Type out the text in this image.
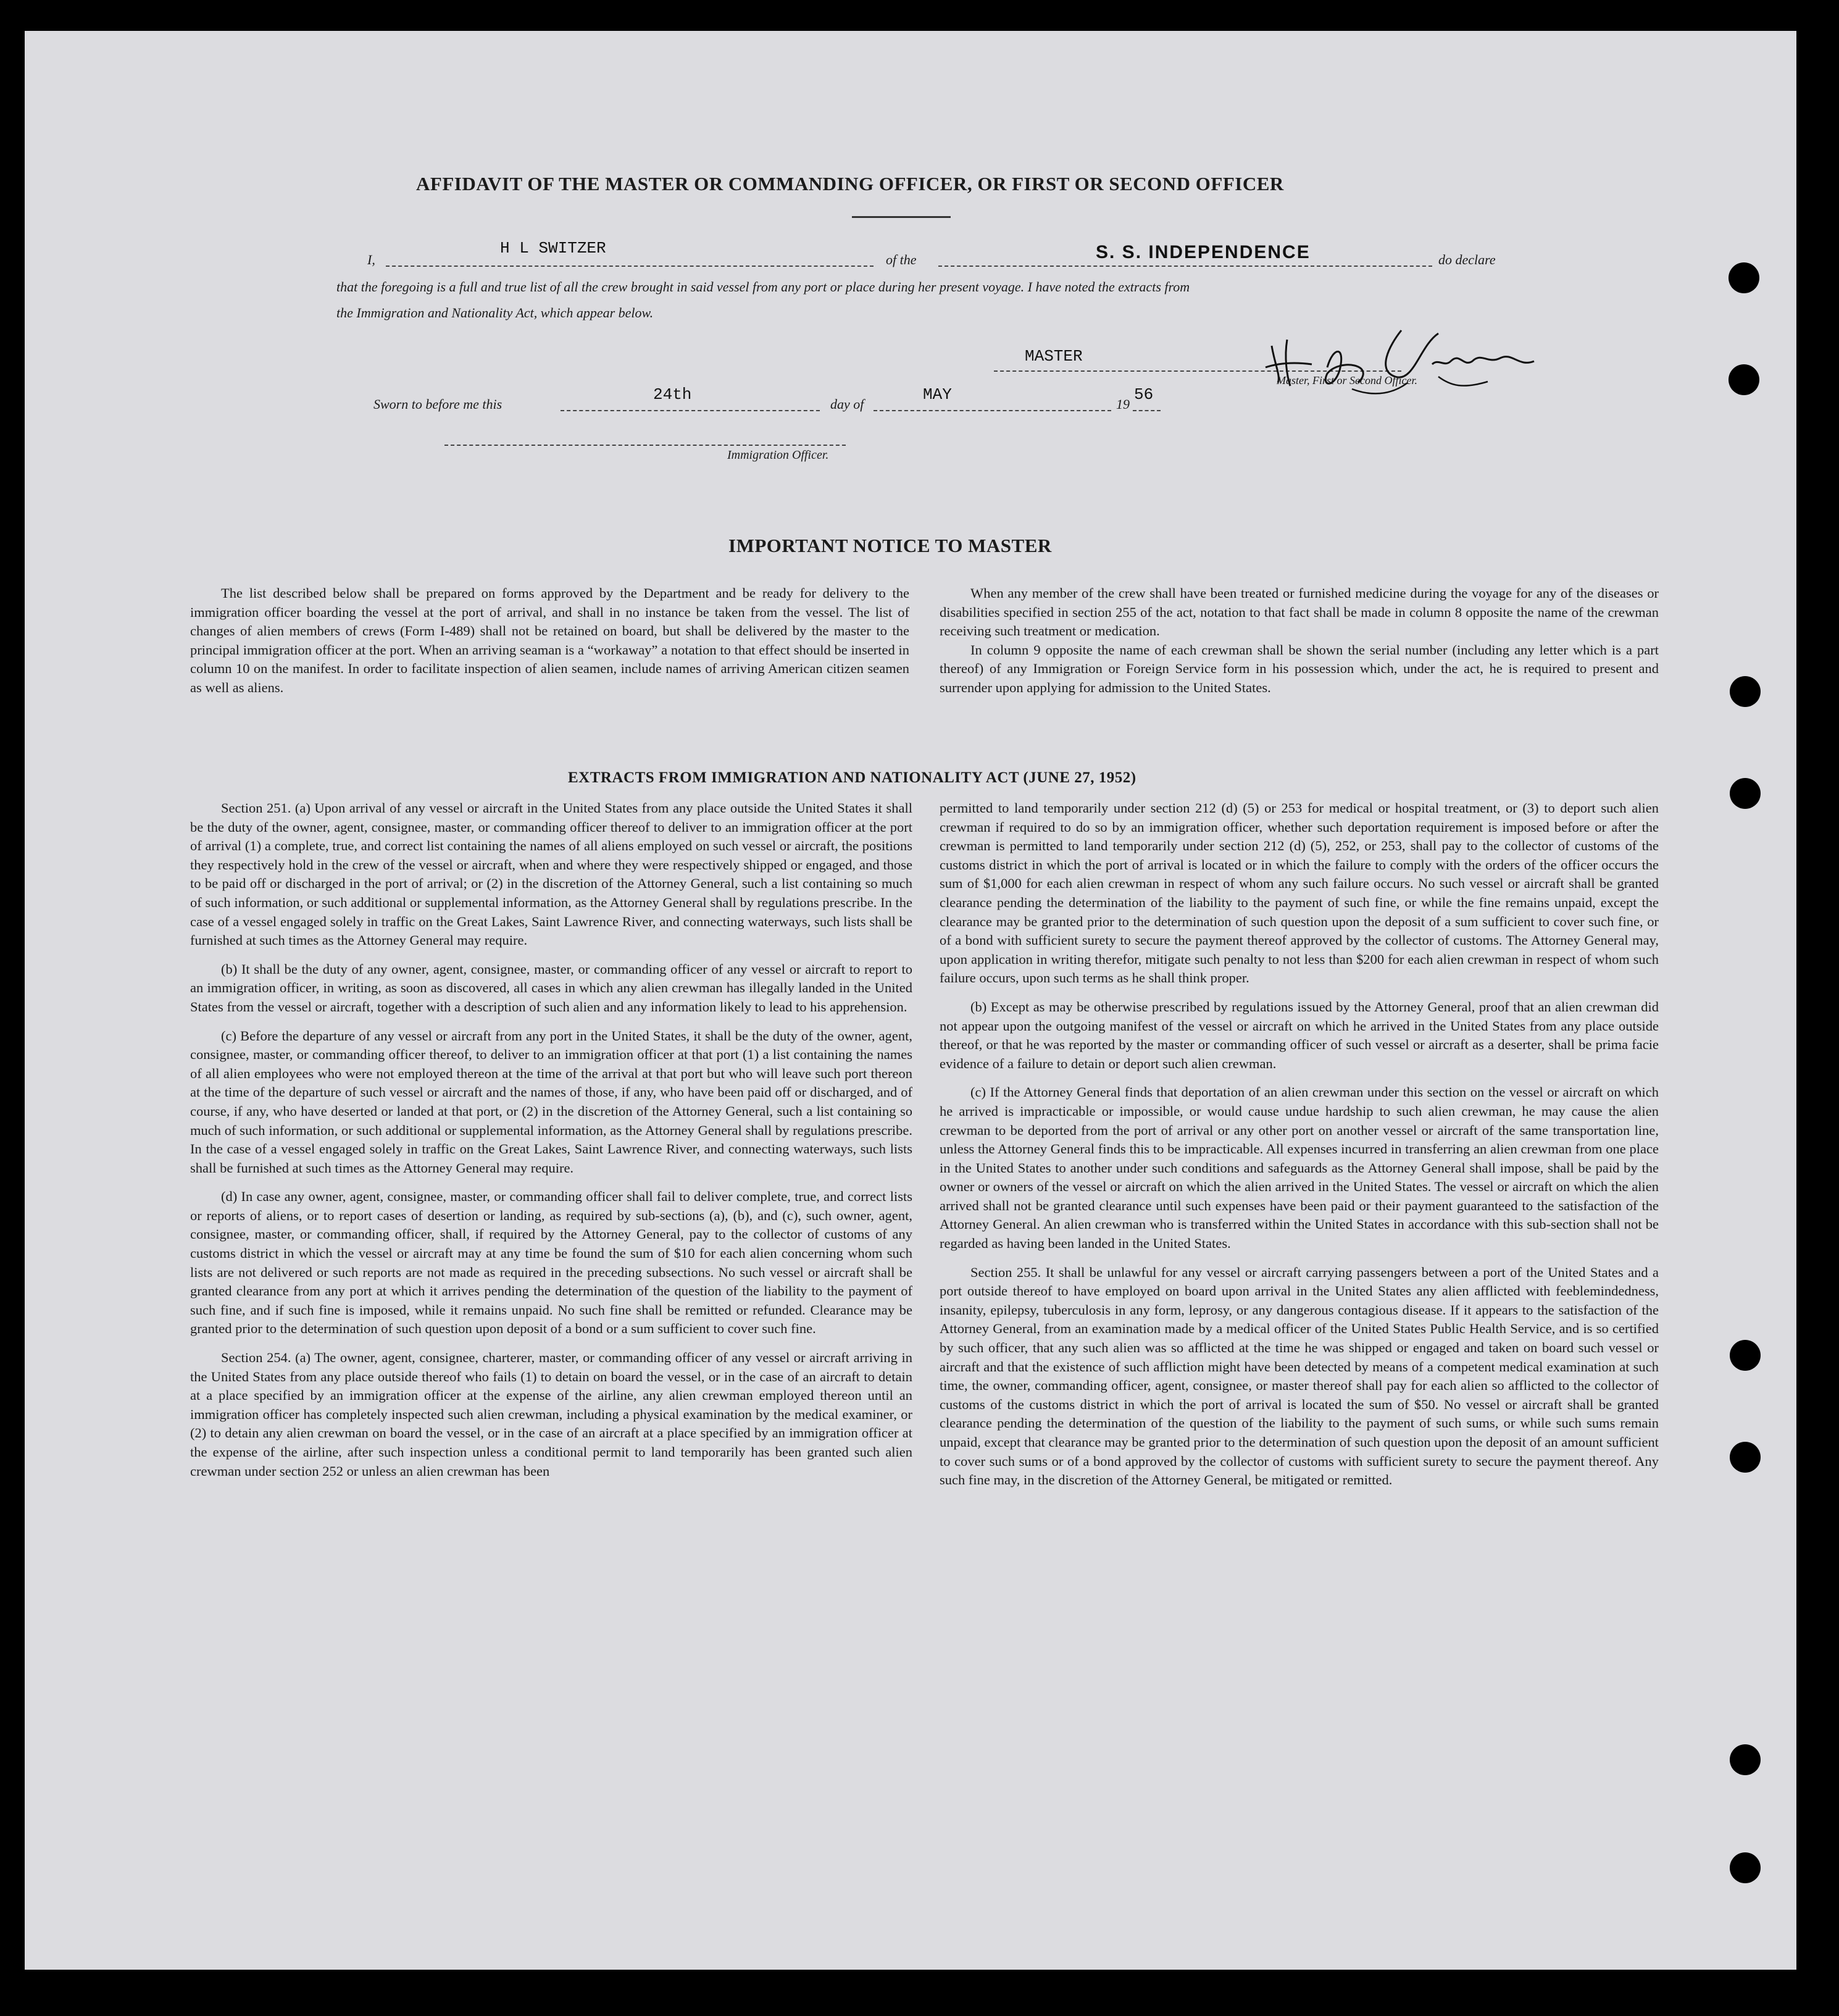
AFFIDAVIT OF THE MASTER OR COMMANDING OFFICER, OR FIRST OR SECOND OFFICER
I,
H L SWITZER
of the	S. S. INDEPENDENCE	do declare
that the foregoing is a full and true list of all the crew brought in said vessel from any port or place during her present voyage. I have noted the extracts from
the Immigration and Nationality Act, which appear below.
MASTER
Master, First or Second Officer.
Sworn to before me this
24th
day of
MAY
19
56
Immigration Officer.
IMPORTANT NOTICE TO MASTER

The list described below shall be prepared on forms approved by the Department and be ready for delivery to the immigration officer boarding the vessel at the port of arrival, and shall in no instance be taken from the vessel. The list of changes of alien members of crews (Form I-489) shall not be retained on board, but shall be delivered by the master to the principal immigration officer at the port. When an arriving seaman is a “workaway” a notation to that effect should be inserted in column 10 on the manifest. In order to facilitate inspection of alien seamen, include names of arriving American citizen seamen as well as aliens.

When any member of the crew shall have been treated or furnished medicine during the voyage for any of the diseases or disabilities specified in section 255 of the act, notation to that fact shall be made in column 8 opposite the name of the crewman receiving such treatment or medication.

In column 9 opposite the name of each crewman shall be shown the serial number (including any letter which is a part thereof) of any Immigration or Foreign Service form in his possession which, under the act, he is required to present and surrender upon applying for admission to the United States.

EXTRACTS FROM IMMIGRATION AND NATIONALITY ACT (JUNE 27, 1952)

Section 251. (a) Upon arrival of any vessel or aircraft in the United States from any place outside the United States it shall be the duty of the owner, agent, consignee, master, or commanding officer thereof to deliver to an immigration officer at the port of arrival (1) a complete, true, and correct list containing the names of all aliens employed on such vessel or aircraft, the positions they respectively hold in the crew of the vessel or aircraft, when and where they were respectively shipped or engaged, and those to be paid off or discharged in the port of arrival; or (2) in the discretion of the Attorney General, such a list containing so much of such information, or such additional or supplemental information, as the Attorney General shall by regulations prescribe. In the case of a vessel engaged solely in traffic on the Great Lakes, Saint Lawrence River, and connecting waterways, such lists shall be furnished at such times as the Attorney General may require.

(b) It shall be the duty of any owner, agent, consignee, master, or commanding officer of any vessel or aircraft to report to an immigration officer, in writing, as soon as discovered, all cases in which any alien crewman has illegally landed in the United States from the vessel or aircraft, together with a description of such alien and any information likely to lead to his apprehension.

(c) Before the departure of any vessel or aircraft from any port in the United States, it shall be the duty of the owner, agent, consignee, master, or commanding officer thereof, to deliver to an immigration officer at that port (1) a list containing the names of all alien employees who were not employed thereon at the time of the arrival at that port but who will leave such port thereon at the time of the departure of such vessel or aircraft and the names of those, if any, who have been paid off or discharged, and of course, if any, who have deserted or landed at that port, or (2) in the discretion of the Attorney General, such a list containing so much of such information, or such additional or supplemental information, as the Attorney General shall by regulations prescribe. In the case of a vessel engaged solely in traffic on the Great Lakes, Saint Lawrence River, and connecting waterways, such lists shall be furnished at such times as the Attorney General may require.

(d) In case any owner, agent, consignee, master, or commanding officer shall fail to deliver complete, true, and correct lists or reports of aliens, or to report cases of desertion or landing, as required by sub-sections (a), (b), and (c), such owner, agent, consignee, master, or commanding officer, shall, if required by the Attorney General, pay to the collector of customs of any customs district in which the vessel or aircraft may at any time be found the sum of $10 for each alien concerning whom such lists are not delivered or such reports are not made as required in the preceding subsections. No such vessel or aircraft shall be granted clearance from any port at which it arrives pending the determination of the question of the liability to the payment of such fine, and if such fine is imposed, while it remains unpaid. No such fine shall be remitted or refunded. Clearance may be granted prior to the determination of such question upon deposit of a bond or a sum sufficient to cover such fine.

Section 254. (a) The owner, agent, consignee, charterer, master, or commanding officer of any vessel or aircraft arriving in the United States from any place outside thereof who fails (1) to detain on board the vessel, or in the case of an aircraft to detain at a place specified by an immigration officer at the expense of the airline, any alien crewman employed thereon until an immigration officer has completely inspected such alien crewman, including a physical examination by the medical examiner, or (2) to detain any alien crewman on board the vessel, or in the case of an aircraft at a place specified by an immigration officer at the expense of the airline, after such inspection unless a conditional permit to land temporarily has been granted such alien crewman under section 252 or unless an alien crewman has been

permitted to land temporarily under section 212 (d) (5) or 253 for medical or hospital treatment, or (3) to deport such alien crewman if required to do so by an immigration officer, whether such deportation requirement is imposed before or after the crewman is permitted to land temporarily under section 212 (d) (5), 252, or 253, shall pay to the collector of customs of the customs district in which the port of arrival is located or in which the failure to comply with the orders of the officer occurs the sum of $1,000 for each alien crewman in respect of whom any such failure occurs. No such vessel or aircraft shall be granted clearance pending the determination of the liability to the payment of such fine, or while the fine remains unpaid, except the clearance may be granted prior to the determination of such question upon the deposit of a sum sufficient to cover such fine, or of a bond with sufficient surety to secure the payment thereof approved by the collector of customs. The Attorney General may, upon application in writing therefor, mitigate such penalty to not less than $200 for each alien crewman in respect of whom such failure occurs, upon such terms as he shall think proper.

(b) Except as may be otherwise prescribed by regulations issued by the Attorney General, proof that an alien crewman did not appear upon the outgoing manifest of the vessel or aircraft on which he arrived in the United States from any place outside thereof, or that he was reported by the master or commanding officer of such vessel or aircraft as a deserter, shall be prima facie evidence of a failure to detain or deport such alien crewman.

(c) If the Attorney General finds that deportation of an alien crewman under this section on the vessel or aircraft on which he arrived is impracticable or impossible, or would cause undue hardship to such alien crewman, he may cause the alien crewman to be deported from the port of arrival or any other port on another vessel or aircraft of the same transportation line, unless the Attorney General finds this to be impracticable. All expenses incurred in transferring an alien crewman from one place in the United States to another under such conditions and safeguards as the Attorney General shall impose, shall be paid by the owner or owners of the vessel or aircraft on which the alien arrived in the United States. The vessel or aircraft on which the alien arrived shall not be granted clearance until such expenses have been paid or their payment guaranteed to the satisfaction of the Attorney General. An alien crewman who is transferred within the United States in accordance with this sub-section shall not be regarded as having been landed in the United States.

Section 255. It shall be unlawful for any vessel or aircraft carrying passengers between a port of the United States and a port outside thereof to have employed on board upon arrival in the United States any alien afflicted with feeblemindedness, insanity, epilepsy, tuberculosis in any form, leprosy, or any dangerous contagious disease. If it appears to the satisfaction of the Attorney General, from an examination made by a medical officer of the United States Public Health Service, and is so certified by such officer, that any such alien was so afflicted at the time he was shipped or engaged and taken on board such vessel or aircraft and that the existence of such affliction might have been detected by means of a competent medical examination at such time, the owner, commanding officer, agent, consignee, or master thereof shall pay for each alien so afflicted to the collector of customs of the customs district in which the port of arrival is located the sum of $50. No vessel or aircraft shall be granted clearance pending the determination of the question of the liability to the payment of such sums, or while such sums remain unpaid, except that clearance may be granted prior to the determination of such question upon the deposit of an amount sufficient to cover such sums or of a bond approved by the collector of customs with sufficient surety to secure the payment thereof. Any such fine may, in the discretion of the Attorney General, be mitigated or remitted.
